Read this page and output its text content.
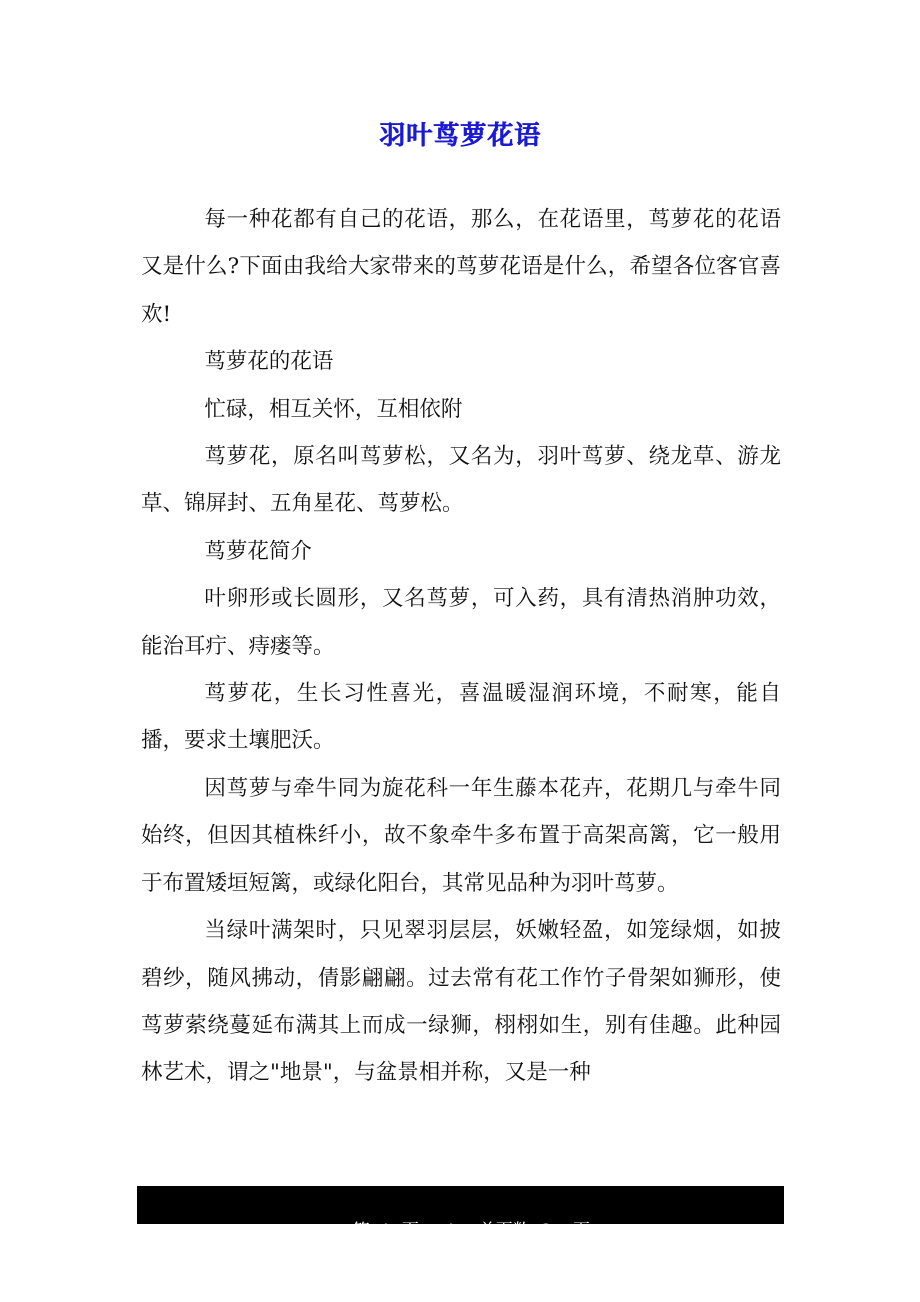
羽叶茑萝花语

每一种花都有自己的花语，那么，在花语里，茑萝花的花语又是什么?下面由我给大家带来的茑萝花语是什么，希望各位客官喜欢!

茑萝花的花语

忙碌，相互关怀，互相依附

茑萝花，原名叫茑萝松，又名为，羽叶茑萝、绕龙草、游龙草、锦屏封、五角星花、茑萝松。

茑萝花简介

叶卵形或长圆形，又名茑萝，可入药，具有清热消肿功效，能治耳疔、痔瘘等。

茑萝花，生长习性喜光，喜温暖湿润环境，不耐寒，能自播，要求土壤肥沃。

因茑萝与牵牛同为旋花科一年生藤本花卉，花期几与牵牛同始终，但因其植株纤小，故不象牵牛多布置于高架高篱，它一般用　于布置矮垣短篱，或绿化阳台，其常见品种为羽叶茑萝。

当绿叶满架时，只见翠羽层层，妖嫩轻盈，如笼绿烟，如披碧纱，随风拂动，倩影翩翩。过去常有花工作竹子骨架如狮形，使茑萝萦绕蔓延布满其上而成一绿狮，栩栩如生，别有佳趣。此种园林艺术，谓之"地景"，与盆景相并称，又是一种

第  1  页     /     总页数  3    页
